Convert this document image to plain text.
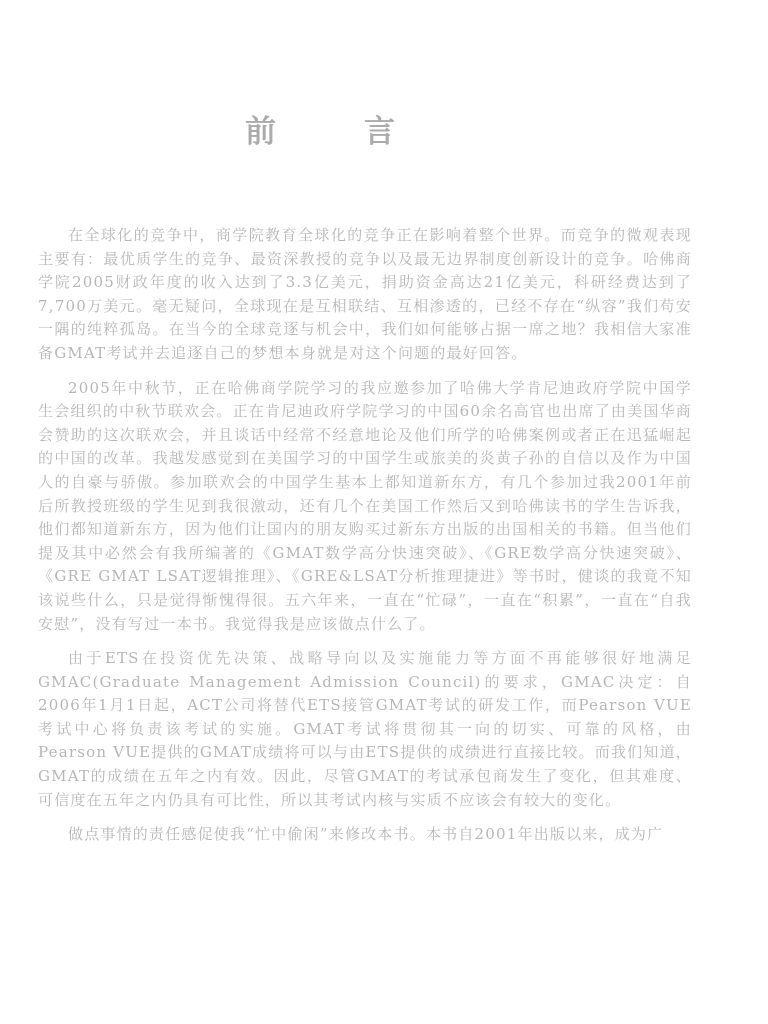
前言

在全球化的竞争中，商学院教育全球化的竞争正在影响着整个世界。而竞争的微观表现主要有：最优质学生的竞争、最资深教授的竞争以及最无边界制度创新设计的竞争。哈佛商学院2005财政年度的收入达到了3.3亿美元，捐助资金高达21亿美元，科研经费达到了7,700万美元。毫无疑问，全球现在是互相联结、互相渗透的，已经不存在“纵容”我们苟安一隅的纯粹孤岛。在当今的全球竞逐与机会中，我们如何能够占据一席之地？我相信大家准备GMAT考试并去追逐自己的梦想本身就是对这个问题的最好回答。

2005年中秋节，正在哈佛商学院学习的我应邀参加了哈佛大学肯尼迪政府学院中国学生会组织的中秋节联欢会。正在肯尼迪政府学院学习的中国60余名高官也出席了由美国华商会赞助的这次联欢会，并且谈话中经常不经意地论及他们所学的哈佛案例或者正在迅猛崛起的中国的改革。我越发感觉到在美国学习的中国学生或旅美的炎黄子孙的自信以及作为中国人的自豪与骄傲。参加联欢会的中国学生基本上都知道新东方，有几个参加过我2001年前后所教授班级的学生见到我很激动，还有几个在美国工作然后又到哈佛读书的学生告诉我，他们都知道新东方，因为他们让国内的朋友购买过新东方出版的出国相关的书籍。但当他们提及其中必然会有我所编著的《GMAT数学高分快速突破》、《GRE数学高分快速突破》、《GRE GMAT LSAT逻辑推理》、《GRE&LSAT分析推理捷进》等书时，健谈的我竟不知该说些什么，只是觉得惭愧得很。五六年来，一直在“忙碌”，一直在“积累”，一直在“自我安慰”，没有写过一本书。我觉得我是应该做点什么了。

由于ETS在投资优先决策、战略导向以及实施能力等方面不再能够很好地满足GMAC(Graduate Management Admission Council)的要求，GMAC决定：自2006年1月1日起，ACT公司将替代ETS接管GMAT考试的研发工作，而Pearson VUE考试中心将负责该考试的实施。GMAT考试将贯彻其一向的切实、可靠的风格，由Pearson VUE提供的GMAT成绩将可以与由ETS提供的成绩进行直接比较。而我们知道，GMAT的成绩在五年之内有效。因此，尽管GMAT的考试承包商发生了变化，但其难度、可信度在五年之内仍具有可比性，所以其考试内核与实质不应该会有较大的变化。

做点事情的责任感促使我“忙中偷闲”来修改本书。本书自2001年出版以来，成为广
